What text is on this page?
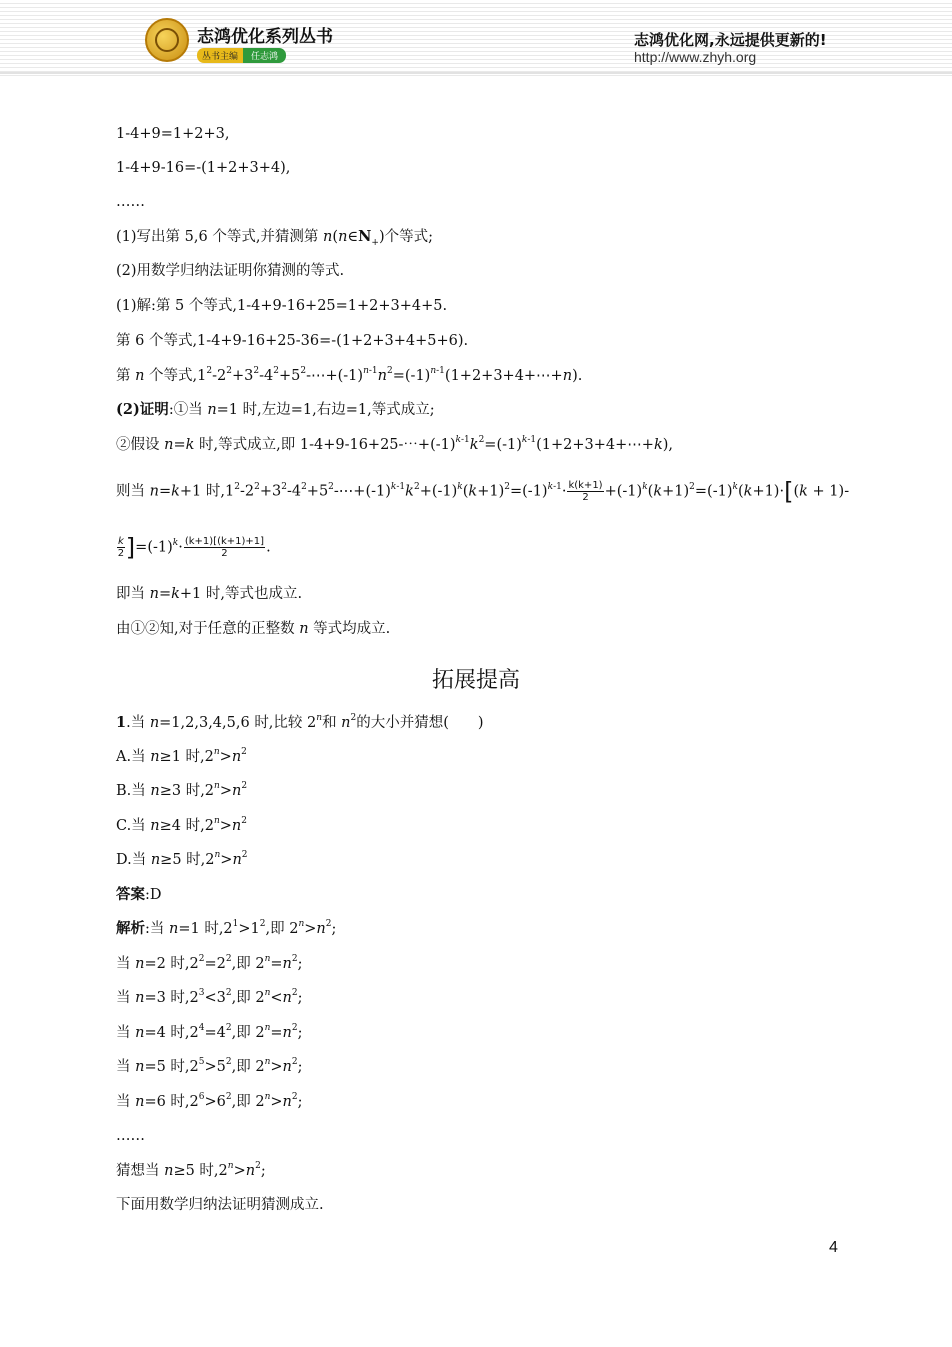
志鸿优化系列丛书
丛书主编	任志鸿
志鸿优化网,永远提供更新的!
http://www.zhyh.org
1-4+9=1+2+3,
1-4+9-16=-(1+2+3+4),
……
(1)写出第 5,6 个等式,并猜测第 $n(n\in N_+)$个等式;
(2)用数学归纳法证明你猜测的等式.
(1)解:第 5 个等式,1-4+9-16+25=1+2+3+4+5.
第 6 个等式,1-4+9-16+25-36=-(1+2+3+4+5+6).
第 n 个等式$,1^2-2^2+3^2-4^2+5^2-\cdots+(-1)^{n-1}n^2=(-1)^{n-1}(1+2+3+4+\cdots+n)$.
(2)证明:①当 n=1 时,左边=1,右边=1,等式成立;
②假设 n=k 时,等式成立,即 $1-4+9-16+25-\cdots+(-1)^{k-1}k^2=(-1)^{k-1}(1+2+3+4+\cdots+k)$,
则当 n=k+1 时$,1^2-2^2+3^2-4^2+5^2-\cdots+(-1)^{k-1}k^2+(-1)^k(k+1)^2=(-1)^{k-1}\cdot \frac{k(k+1)}{2} +(-1)^k(k+1)^2=(-1)^k(k+1)\cdot[(k + 1)-$
$\frac{k}{2} ]=(-1)^k\cdot \frac{(k+1)[(k+1)+1]}{2}$ .
即当 n=k+1 时,等式也成立.
由①②知,对于任意的正整数 n 等式均成立.
拓展提高
1.当 n=1,2,3,4,5,6 时,比较 2$^n$和 $n^2$的大小并猜想(　　)
A.当 n≥1 时$,2^n>n^2$
B.当 n≥3 时$,2^n>n^2$
C.当 n≥4 时$,2^n>n^2$
D.当 n≥5 时$,2^n>n^2$
答案:D
解析:当 n=1 时$,2^1>1^2$,即 $2^n>n^2$;
当 n=2 时$,2^2=2^2$,即 $2^n=n^2$;
当 n=3 时$,2^3<3^2$,即 $2^n<n^2$;
当 n=4 时$,2^4=4^2$,即 $2^n=n^2$;
当 n=5 时$,2^5>5^2$,即 $2^n>n^2$;
当 n=6 时$,2^6>6^2$,即 $2^n>n^2$;
……
猜想当 n≥5 时$,2^n>n^2$;
下面用数学归纳法证明猜测成立.
4
